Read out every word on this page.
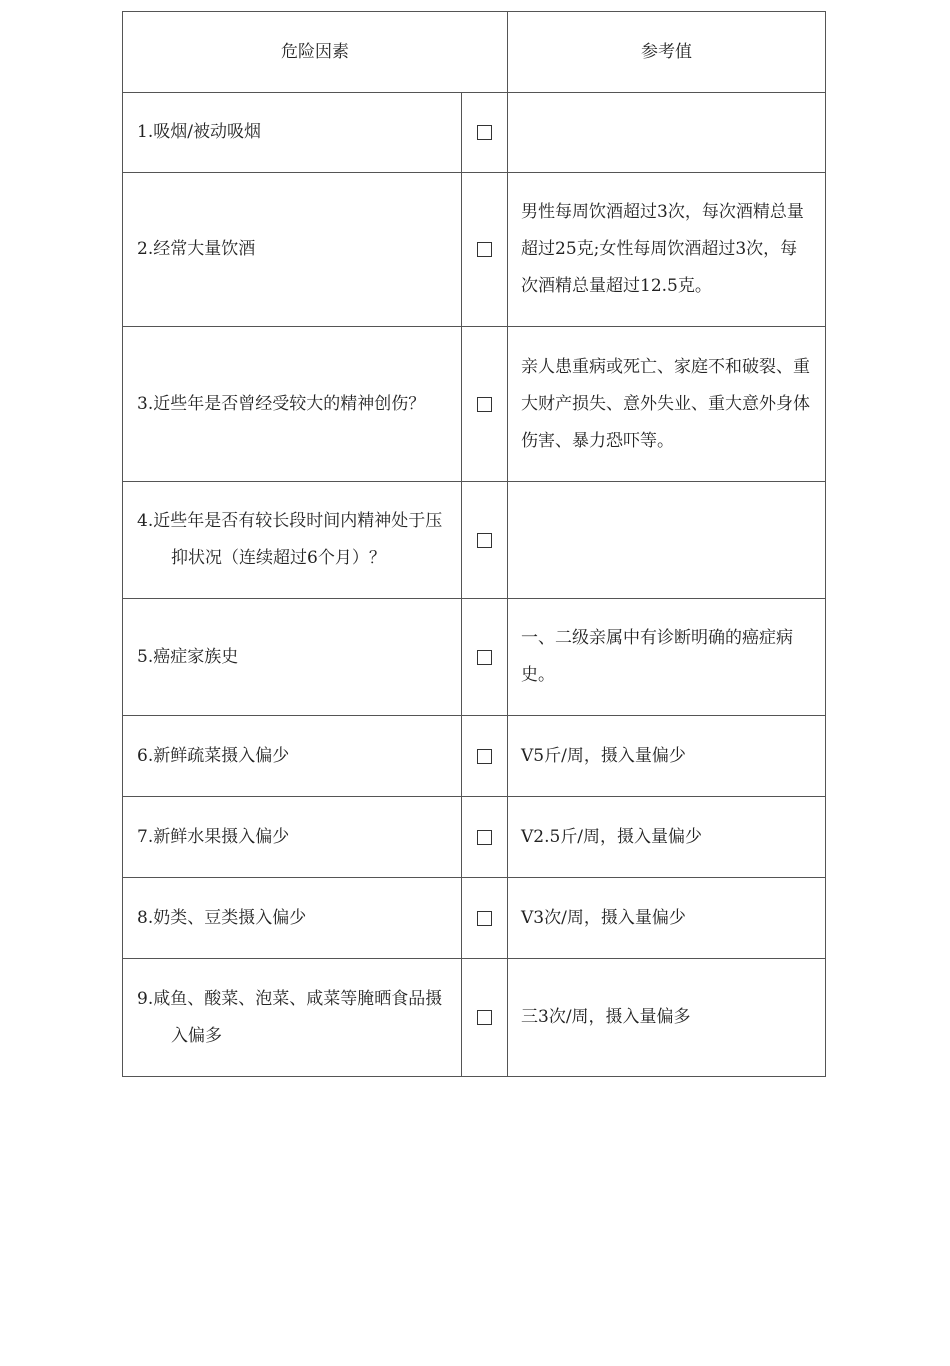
危险因素		参考值

1.吸烟/被动吸烟		

2.经常大量饮酒		男性每周饮酒超过3次，每次酒精总量超过25克;女性每周饮酒超过3次，每次酒精总量超过12.5克。

3.近些年是否曾经受较大的精神创伤？		亲人患重病或死亡、家庭不和破裂、重大财产损失、意外失业、重大意外身体伤害、暴力恐吓等。

4.近些年是否有较长段时间内精神处于压抑状况（连续超过6个月）？		

5.癌症家族史		一、二级亲属中有诊断明确的癌症病史。

6.新鲜疏菜摄入偏少		V5斤/周，摄入量偏少

7.新鲜水果摄入偏少		V2.5斤/周，摄入量偏少

8.奶类、豆类摄入偏少		V3次/周，摄入量偏少

9.咸鱼、酸菜、泡菜、咸菜等腌晒食品摄入偏多		三3次/周，摄入量偏多
